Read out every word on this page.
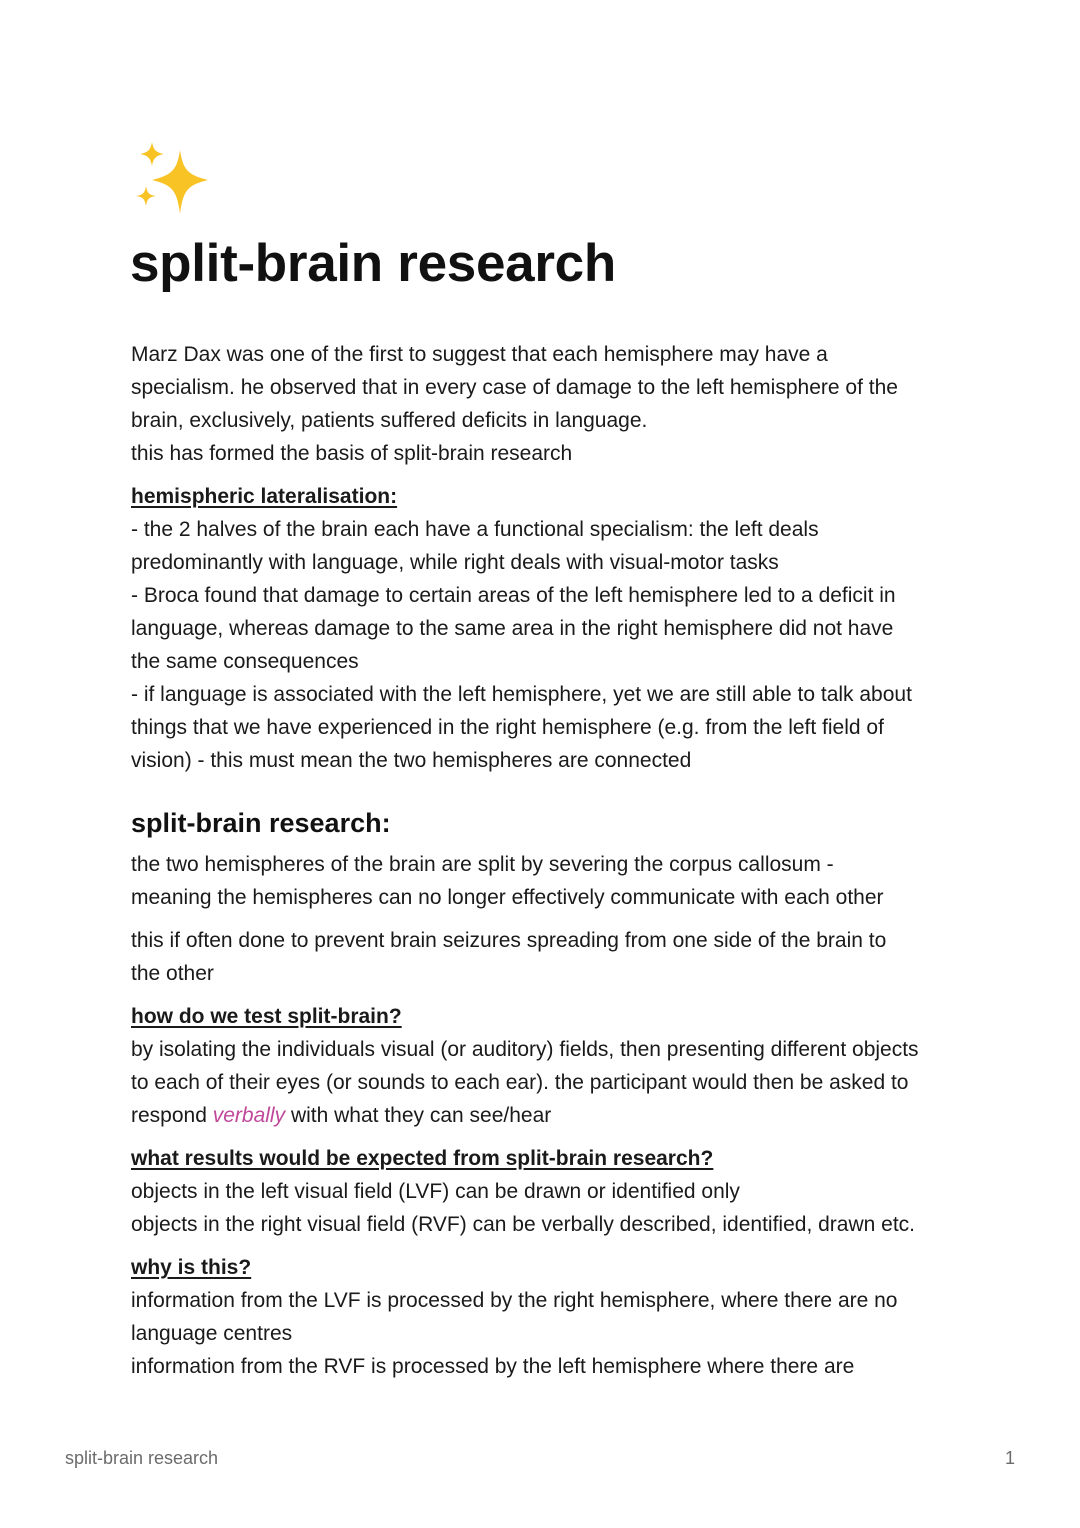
split-brain research

Marz Dax was one of the first to suggest that each hemisphere may have a

specialism. he observed that in every case of damage to the left hemisphere of the

brain, exclusively, patients suffered deficits in language.

this has formed the basis of split-brain research

hemispheric lateralisation:

- the 2 halves of the brain each have a functional specialism: the left deals

predominantly with language, while right deals with visual-motor tasks

- Broca found that damage to certain areas of the left hemisphere led to a deficit in

language, whereas damage to the same area in the right hemisphere did not have

the same consequences

- if language is associated with the left hemisphere, yet we are still able to talk about

things that we have experienced in the right hemisphere (e.g. from the left field of

vision) - this must mean the two hemispheres are connected

split-brain research:

the two hemispheres of the brain are split by severing the corpus callosum -

meaning the hemispheres can no longer effectively communicate with each other

this if often done to prevent brain seizures spreading from one side of the brain to

the other

how do we test split-brain?

by isolating the individuals visual (or auditory) fields, then presenting different objects

to each of their eyes (or sounds to each ear). the participant would then be asked to

respond verbally with what they can see/hear

what results would be expected from split-brain research?

objects in the left visual field (LVF) can be drawn or identified only

objects in the right visual field (RVF) can be verbally described, identified, drawn etc.

why is this?

information from the LVF is processed by the right hemisphere, where there are no

language centres

information from the RVF is processed by the left hemisphere where there are

split-brain research	1
